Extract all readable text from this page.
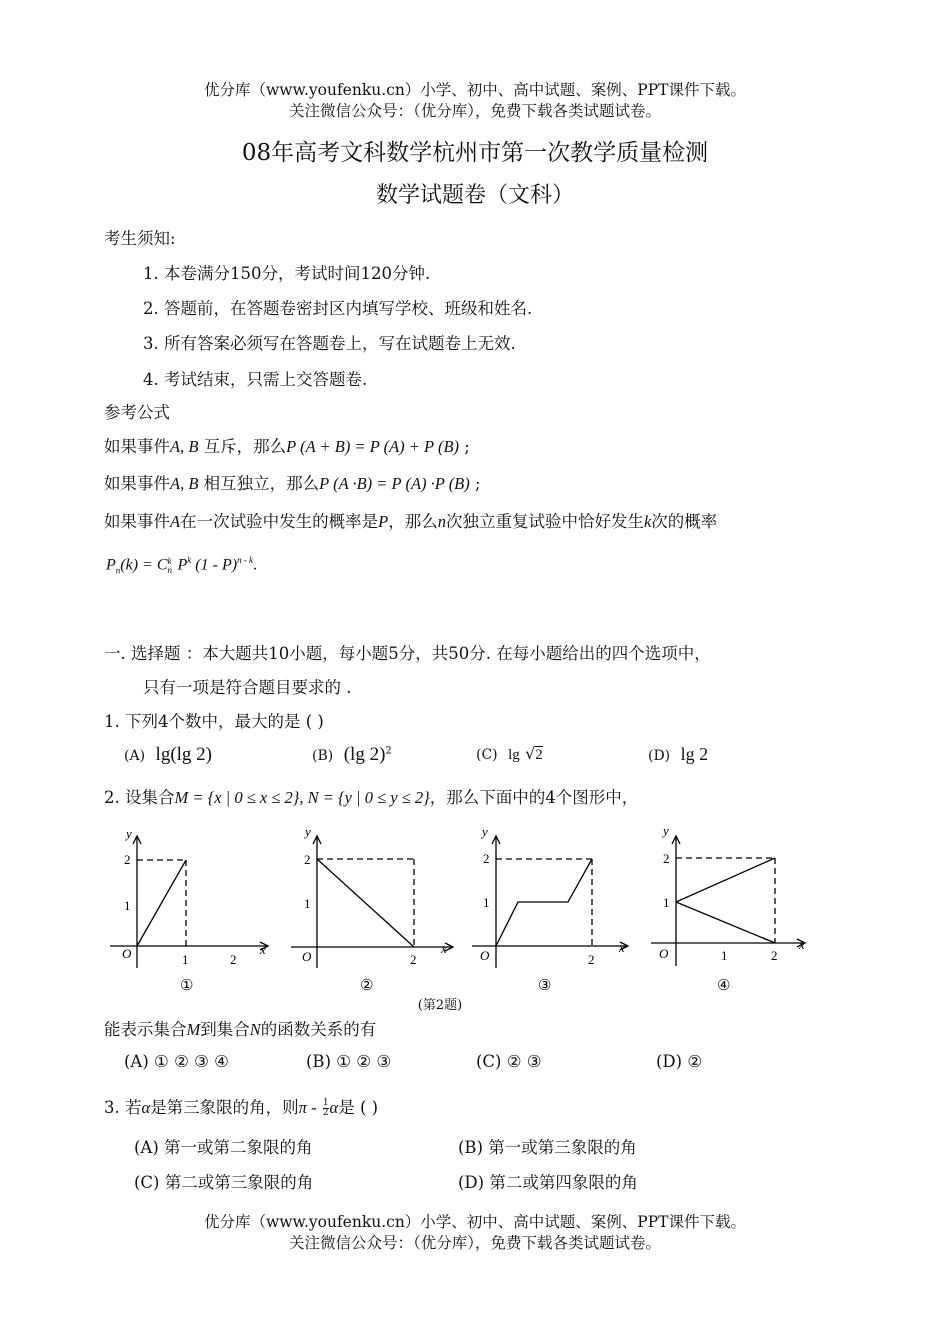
优分库（www.youfenku.cn）小学、初中、高中试题、案例、PPT课件下载。
关注微信公众号：（优分库），免费下载各类试题试卷。
08年高考文科数学杭州市第一次教学质量检测
数学试题卷（文科）
考生须知:
1. 本卷满分150分，考试时间120分钟.
2. 答题前，在答题卷密封区内填写学校、班级和姓名.
3. 所有答案必须写在答题卷上，写在试题卷上无效.
4. 考试结束，只需上交答题卷.
参考公式
如果事件A, B 互斥，那么P (A + B) = P (A) + P (B) ;
如果事件A, B 相互独立，那么P (A ·B) = P (A) ·P (B) ;
如果事件A在一次试验中发生的概率是P，那么n次独立重复试验中恰好发生k次的概率
$P_n(k) = C$ k
n $P^k$ (1 - P)$^{n - k}$.
一. 选择题 ：本大题共10小题，每小题5分，共50分. 在每小题给出的四个选项中，
只有一项是符合题目要求的 .
1. 下列4个数中，最大的是 ( )
(A) lg(lg 2)	(B) (lg 2)$^2$	(C) lg √2	(D) lg 2
2. 设集合M = {x | 0 ≤ x ≤ 2}, N = {y | 0 ≤ y ≤ 2}，那么下面中的4个图形中，
y
x
O
1
2
1	2
①
y
x
O
1
2
2
②
y
x
O
1
2
2
③
y
x
O
1
2
1	2
④
(第2题)
能表示集合M到集合N的函数关系的有
(A) ① ② ③ ④	(B) ① ② ③	(C) ② ③	(D) ②
3. 若α是第三象限的角，则π - $\frac{1}{2}$ α是 ( )
(A) 第一或第二象限的角	(B) 第一或第三象限的角
(C) 第二或第三象限的角	(D) 第二或第四象限的角
优分库（www.youfenku.cn）小学、初中、高中试题、案例、PPT课件下载。
关注微信公众号：（优分库），免费下载各类试题试卷。
